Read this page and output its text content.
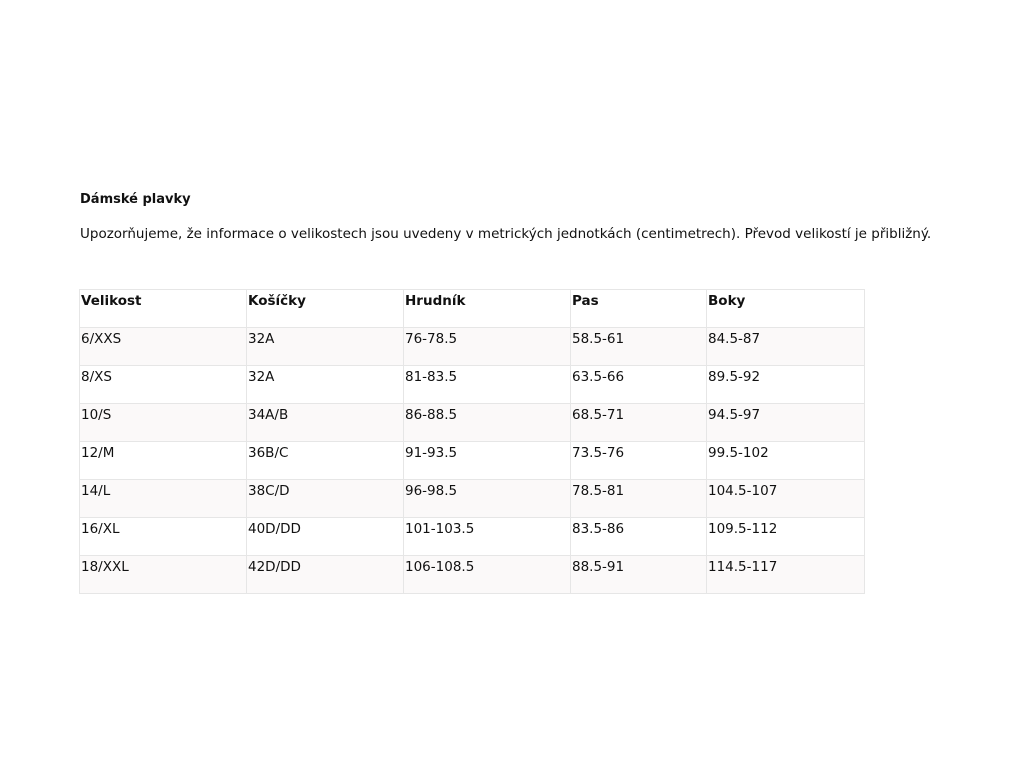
Dámské plavky
Upozorňujeme, že informace o velikostech jsou uvedeny v metrických jednotkách (centimetrech). Převod velikostí je přibližný.
Velikost	Košíčky	Hrudník	Pas	Boky
6/XXS	32A	76-78.5	58.5-61	84.5-87
8/XS	32A	81-83.5	63.5-66	89.5-92
10/S	34A/B	86-88.5	68.5-71	94.5-97
12/M	36B/C	91-93.5	73.5-76	99.5-102
14/L	38C/D	96-98.5	78.5-81	104.5-107
16/XL	40D/DD	101-103.5	83.5-86	109.5-112
18/XXL	42D/DD	106-108.5	88.5-91	114.5-117
